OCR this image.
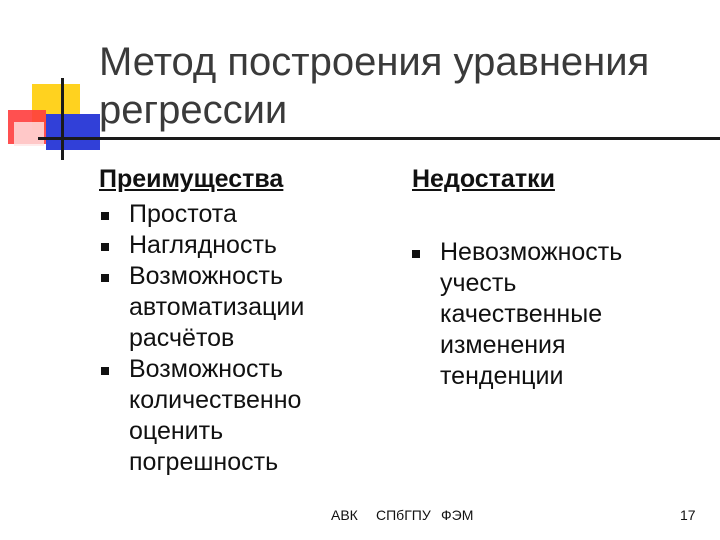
Метод построения уравнения регрессии
Преимущества	Недостатки
Простота
Наглядность
Возможность автоматизации расчётов
Возможность количественно оценить погрешность
Невозможность учесть качественные изменения тенденции
АВК СПбГПУ ФЭМ	17
